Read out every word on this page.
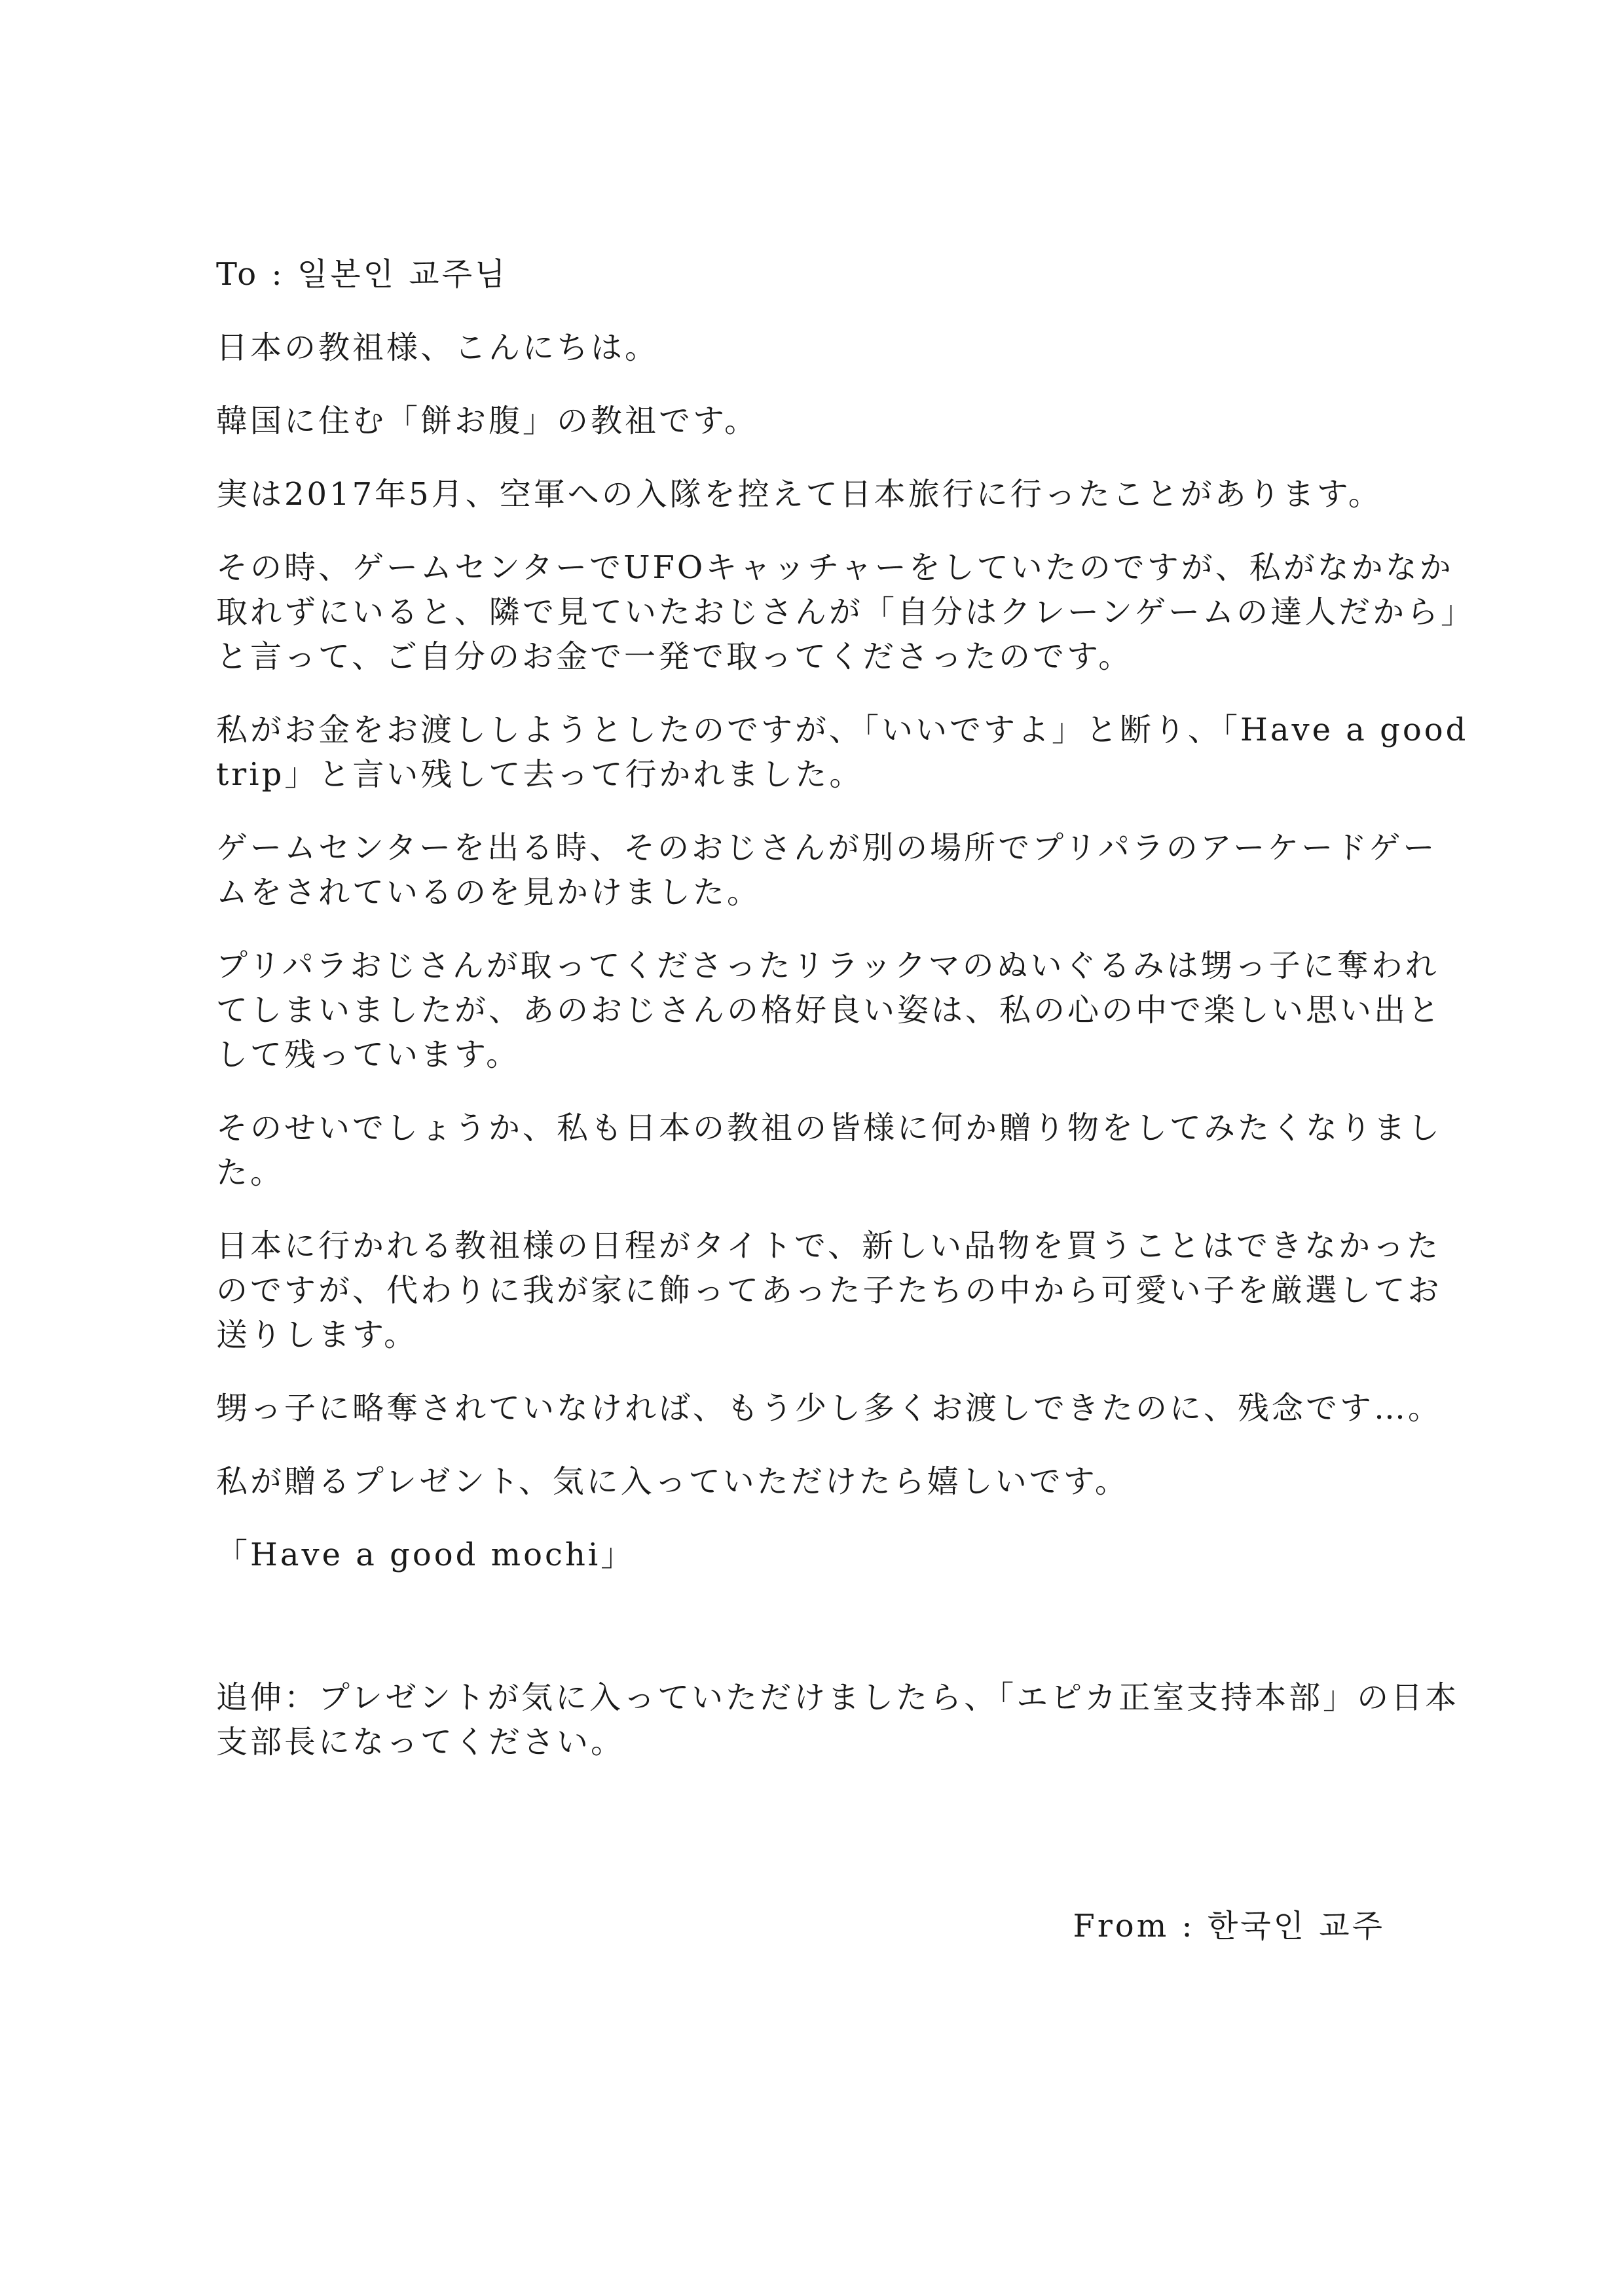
To : 일본인 교주님

日本の教祖様、こんにちは。

韓国に住む「餅お腹」の教祖です。

実は2017年5月、空軍への入隊を控えて日本旅行に行ったことがあります。

その時、ゲームセンターでUFOキャッチャーをしていたのですが、私がなかなか

取れずにいると、隣で見ていたおじさんが「自分はクレーンゲームの達人だから」

と言って、ご自分のお金で一発で取ってくださったのです。

私がお金をお渡ししようとしたのですが、「いいですよ」と断り、「Have a good

trip」と言い残して去って行かれました。

ゲームセンターを出る時、そのおじさんが別の場所でプリパラのアーケードゲー

ムをされているのを見かけました。

プリパラおじさんが取ってくださったリラックマのぬいぐるみは甥っ子に奪われ

てしまいましたが、あのおじさんの格好良い姿は、私の心の中で楽しい思い出と

して残っています。

そのせいでしょうか、私も日本の教祖の皆様に何か贈り物をしてみたくなりまし

た。

日本に行かれる教祖様の日程がタイトで、新しい品物を買うことはできなかった

のですが、代わりに我が家に飾ってあった子たちの中から可愛い子を厳選してお

送りします。

甥っ子に略奪されていなければ、もう少し多くお渡しできたのに、残念です…。

私が贈るプレゼント、気に入っていただけたら嬉しいです。

「Have a good mochi」

追伸：プレゼントが気に入っていただけましたら、「エピカ正室支持本部」の日本

支部長になってください。

From : 한국인 교주
